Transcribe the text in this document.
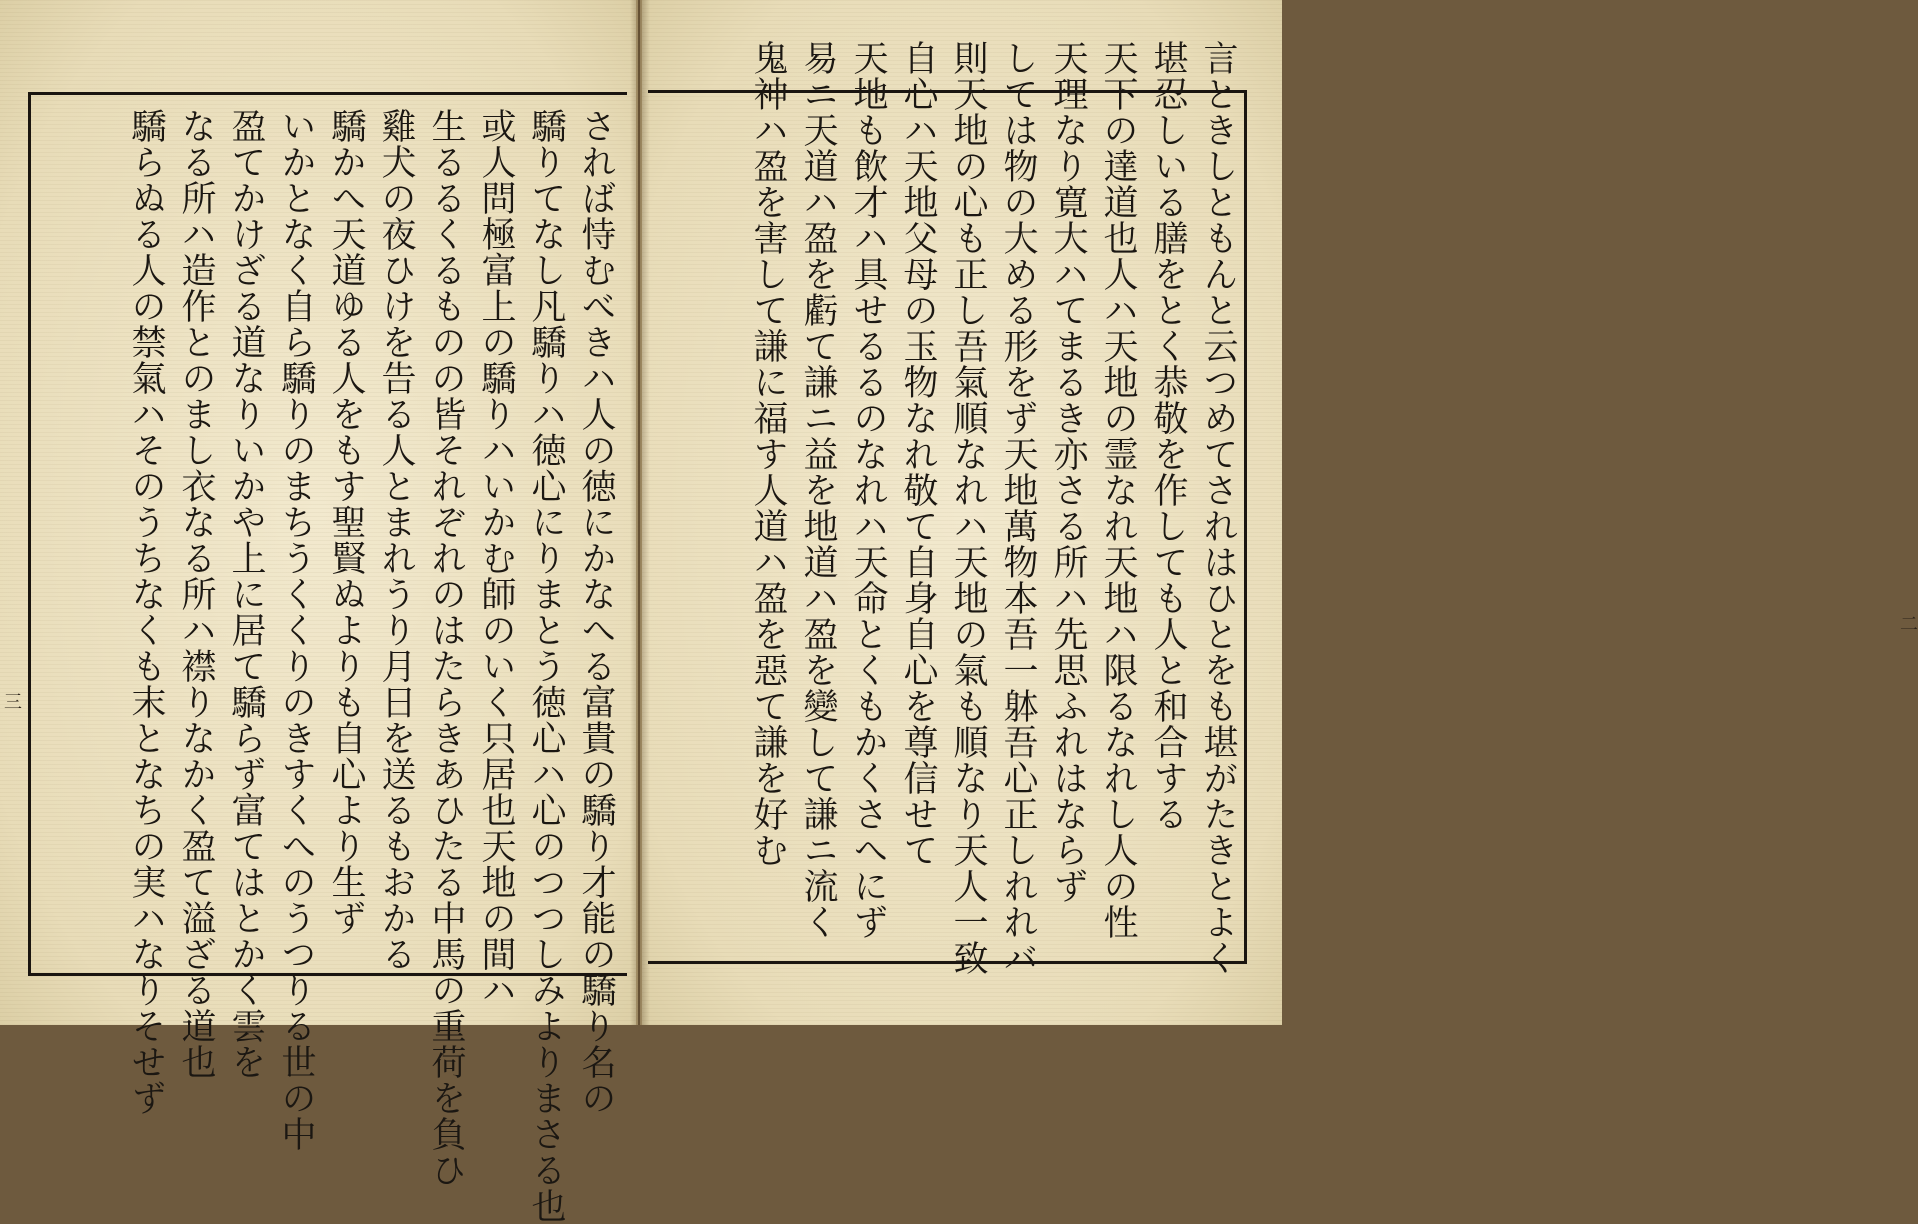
三
二
言ときしともんと云つめてされはひとをも堪がたきとよく
堪忍しいる膳をとく恭敬を作しても人と和合する
天下の達道也人ハ天地の霊なれ天地ハ限るなれし人の性
天理なり寛大ハてまるき亦さる所ハ先思ふれはならず
しては物の大める形をず天地萬物本吾一躰吾心正しれれバ
則天地の心も正し吾氣順なれハ天地の氣も順なり天人一致
自心ハ天地父母の玉物なれ敬て自身自心を尊信せて
天地も飲才ハ具せるるのなれハ天命とくもかくさへにず
易ニ天道ハ盈を虧て謙ニ益を地道ハ盈を變して謙ニ流く
鬼神ハ盈を害して謙に福す人道ハ盈を惡て謙を好む
されば恃むべきハ人の徳にかなへる富貴の驕り才能の驕り名の
驕りてなし凡驕りハ徳心にりまとう徳心ハ心のつつしみよりまさる也
或人問極富上の驕りハいかむ師のいく只居也天地の間ハ
生るるくるものの皆それぞれのはたらきあひたる中馬の重荷を負ひ
雞犬の夜ひけを告る人とまれうり月日を送るもおかる
驕かへ天道ゆる人をもす聖賢ぬよりも自心より生ず
いかとなく自ら驕りのまちうくくりのきすくへのうつりる世の中
盈てかけざる道なりいかや上に居て驕らず富てはとかく雲を
なる所ハ造作とのまし衣なる所ハ襟りなかく盈て溢ざる道也
驕らぬる人の禁氣ハそのうちなくも末となちの実ハなりそせず
